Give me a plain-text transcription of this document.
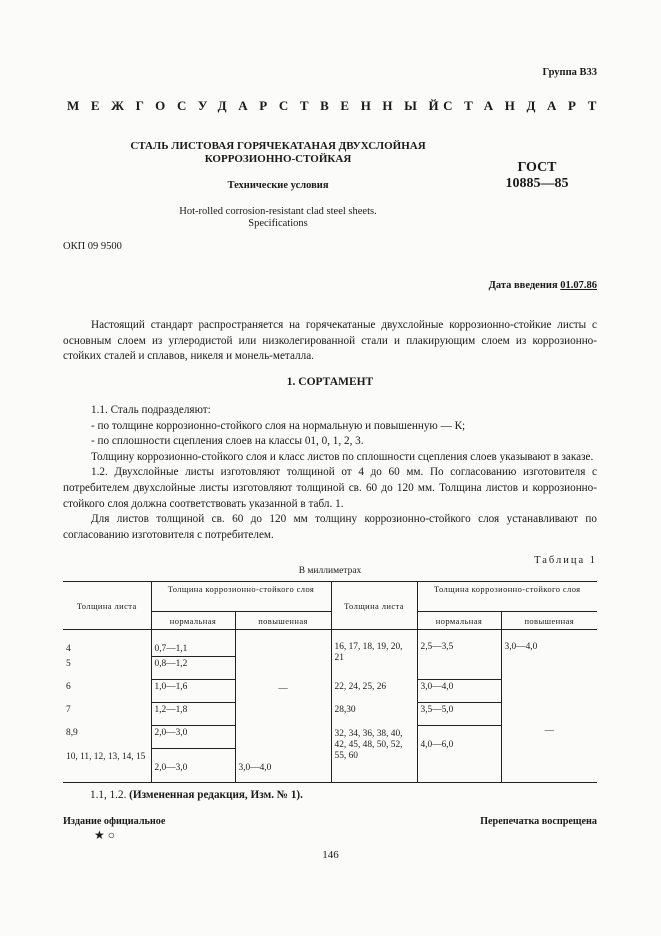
Группа В33
МЕЖГОСУДАРСТВЕННЫЙ
СТАНДАРТ
СТАЛЬ ЛИСТОВАЯ ГОРЯЧЕКАТАНАЯ ДВУХСЛОЙНАЯ
КОРРОЗИОННО-СТОЙКАЯ
ГОСТ
10885—85
Технические условия
Hot-rolled corrosion-resistant clad steel sheets.
Specifications
ОКП 09 9500
Дата введения 01.07.86
Настоящий стандарт распространяется на горячекатаные двухслойные коррозионно-стойкие листы с основным слоем из углеродистой или низколегированной стали и плакирующим слоем из коррозионно-стойких сталей и сплавов, никеля и монель-металла.
1. СОРТАМЕНТ
1.1. Сталь подразделяют:
- по толщине коррозионно-стойкого слоя на нормальную и повышенную — К;
- по сплошности сцепления слоев на классы 01, 0, 1, 2, 3.
Толщину коррозионно-стойкого слоя и класс листов по сплошности сцепления слоев указывают в заказе.
1.2. Двухслойные листы изготовляют толщиной от 4 до 60 мм. По согласованию изготовителя с потребителем двухслойные листы изготовляют толщиной св. 60 до 120 мм. Толщина листов и коррозионно-стойкого слоя должна соответствовать указанной в табл. 1.
Для листов толщиной св. 60 до 120 мм толщину коррозионно-стойкого слоя устанавливают по согласованию изготовителя с потребителем.
Таблица 1
В миллиметрах
Толщина листа	Толщина коррозионно-стойкого слоя		Толщина листа	Толщина коррозионно-стойкого слоя	
	нормальная	повышенная		нормальная	повышенная
4	0,7—1,1	—	16, 17, 18, 19, 20, 21	2,5—3,5	3,0—4,0
5	0,8—1,2				
6	1,0—1,6		22, 24, 25, 26	3,0—4,0	—
7	1,2—1,8		28,30	3,5—5,0	
8,9	2,0—3,0		32, 34, 36, 38, 40, 42, 45, 48, 50, 52, 55, 60	4,0—6,0	
10, 11, 12, 13, 14, 15	2,0—3,0	3,0—4,0			
1.1, 1.2. (Измененная редакция, Изм. № 1).
Издание официальное	Перепечатка воспрещена
★ ○
146
